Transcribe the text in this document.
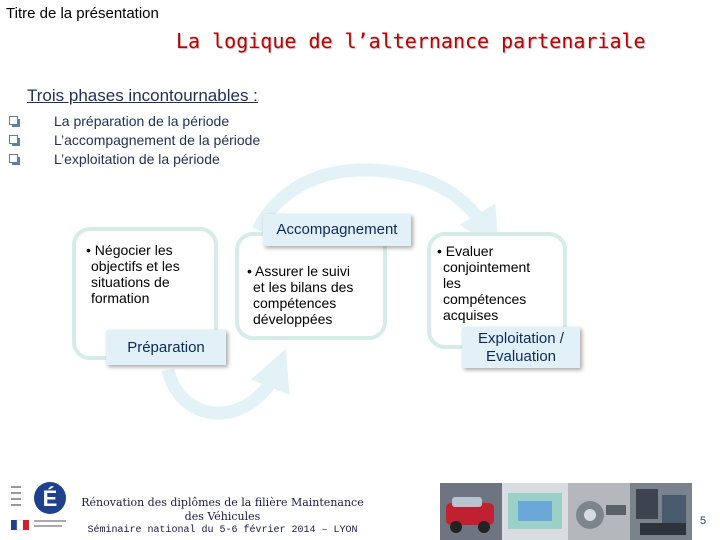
Titre de la présentation
La logique de l’alternance partenariale
Trois phases incontournables :
La préparation de la période
L’accompagnement de la période
L’exploitation de la période
• Négocier les
objectifs et les
situations de
formation
Préparation
• Assurer le suivi
et les bilans des
compétences
développées
Accompagnement
• Evaluer
conjointement
les
compétences
acquises
Exploitation /
Evaluation
É Rénovation des diplômes de la filière Maintenance
des Véhicules
Séminaire national du 5-6 février 2014 – LYON
5
